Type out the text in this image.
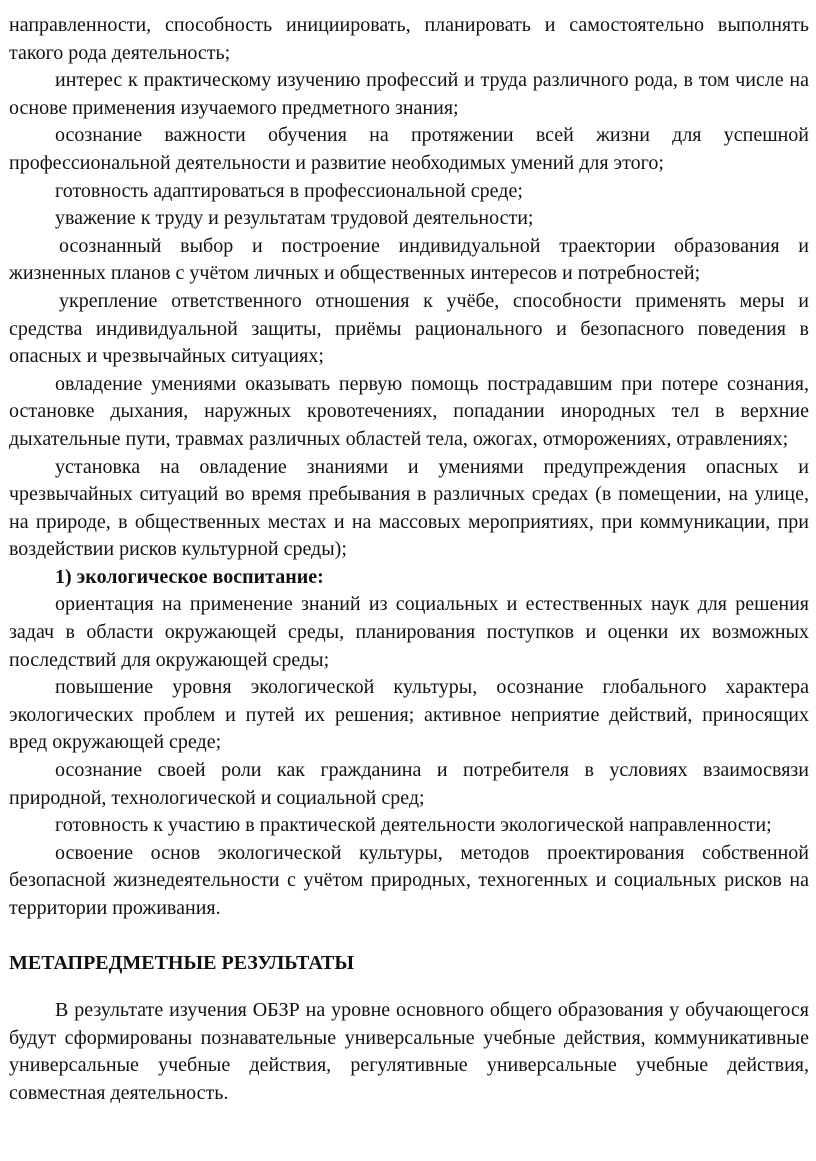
направленности, способность инициировать, планировать и самостоятельно выполнять такого рода деятельность;

интерес к практическому изучению профессий и труда различного рода, в том числе на основе применения изучаемого предметного знания;

осознание важности обучения на протяжении всей жизни для успешной профессиональной деятельности и развитие необходимых умений для этого;

готовность адаптироваться в профессиональной среде;

уважение к труду и результатам трудовой деятельности;

осознанный выбор и построение индивидуальной траектории образования и жизненных планов с учётом личных и общественных интересов и потребностей;

укрепление ответственного отношения к учёбе, способности применять меры и средства индивидуальной защиты, приёмы рационального и безопасного поведения в опасных и чрезвычайных ситуациях;

овладение умениями оказывать первую помощь пострадавшим при потере сознания, остановке дыхания, наружных кровотечениях, попадании инородных тел в верхние дыхательные пути, травмах различных областей тела, ожогах, отморожениях, отравлениях;

установка на овладение знаниями и умениями предупреждения опасных и чрезвычайных ситуаций во время пребывания в различных средах (в помещении, на улице, на природе, в общественных местах и на массовых мероприятиях, при коммуникации, при воздействии рисков культурной среды);

1) экологическое воспитание:

ориентация на применение знаний из социальных и естественных наук для решения задач в области окружающей среды, планирования поступков и оценки их возможных последствий для окружающей среды;

повышение уровня экологической культуры, осознание глобального характера экологических проблем и путей их решения; активное неприятие действий, приносящих вред окружающей среде;

осознание своей роли как гражданина и потребителя в условиях взаимосвязи природной, технологической и социальной сред;

готовность к участию в практической деятельности экологической направленности;

освоение основ экологической культуры, методов проектирования собственной безопасной жизнедеятельности с учётом природных, техногенных и социальных рисков на территории проживания.

МЕТАПРЕДМЕТНЫЕ РЕЗУЛЬТАТЫ

В результате изучения ОБЗР на уровне основного общего образования у обучающегося будут сформированы познавательные универсальные учебные действия, коммуникативные универсальные учебные действия, регулятивные универсальные учебные действия, совместная деятельность.
